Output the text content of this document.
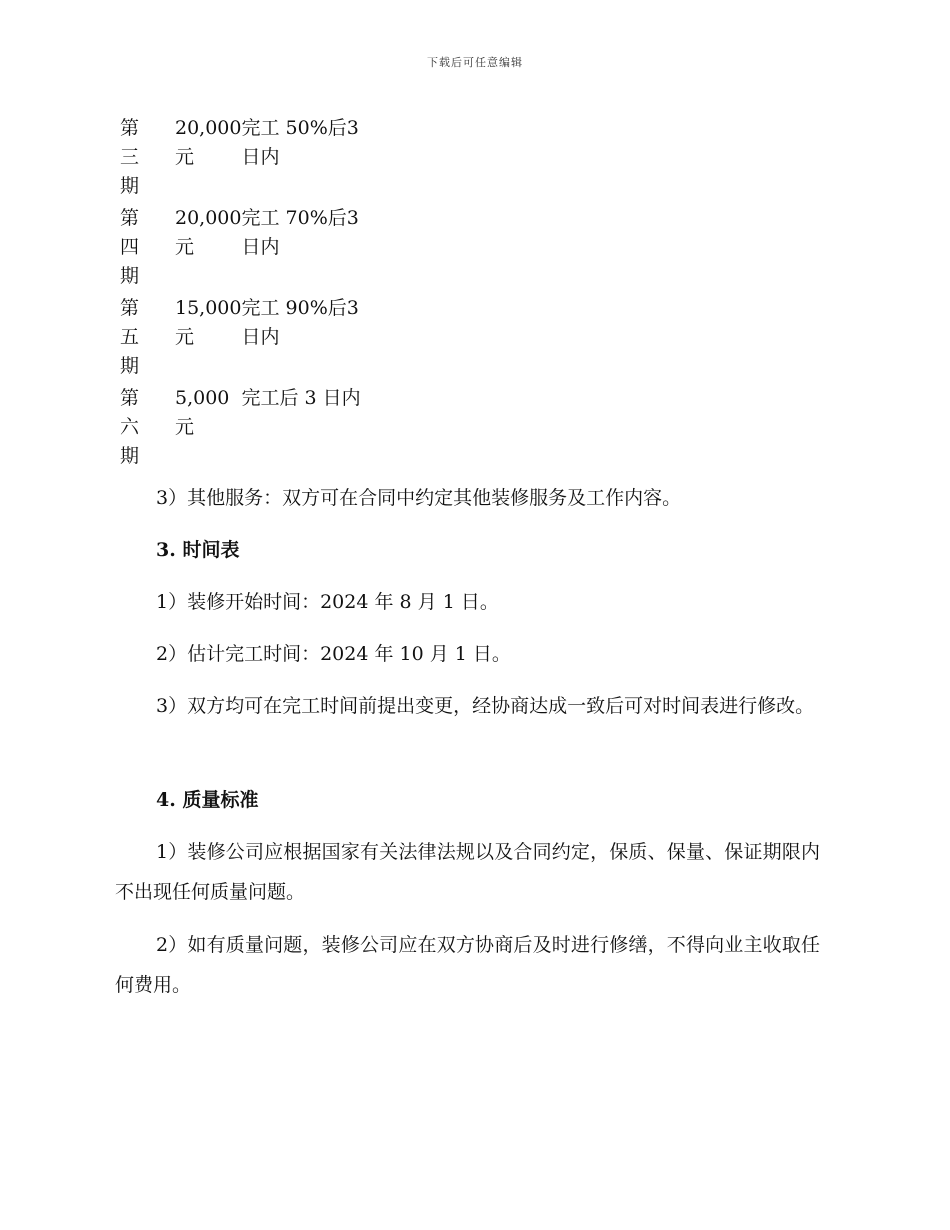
下载后可任意编辑
第三期	20,000元	完工 50%后3 日内
第四期	20,000元	完工 70%后3 日内
第五期	15,000元	完工 90%后3 日内
第六期	5,000元	完工后 3 日内

3）其他服务：双方可在合同中约定其他装修服务及工作内容。

3. 时间表

1）装修开始时间：2024 年 8 月 1 日。

2）估计完工时间：2024 年 10 月 1 日。

3）双方均可在完工时间前提出变更，经协商达成一致后可对时间表进行修改。

4. 质量标准

1）装修公司应根据国家有关法律法规以及合同约定，保质、保量、保证期限内不出现任何质量问题。

2）如有质量问题，装修公司应在双方协商后及时进行修缮，不得向业主收取任何费用。
